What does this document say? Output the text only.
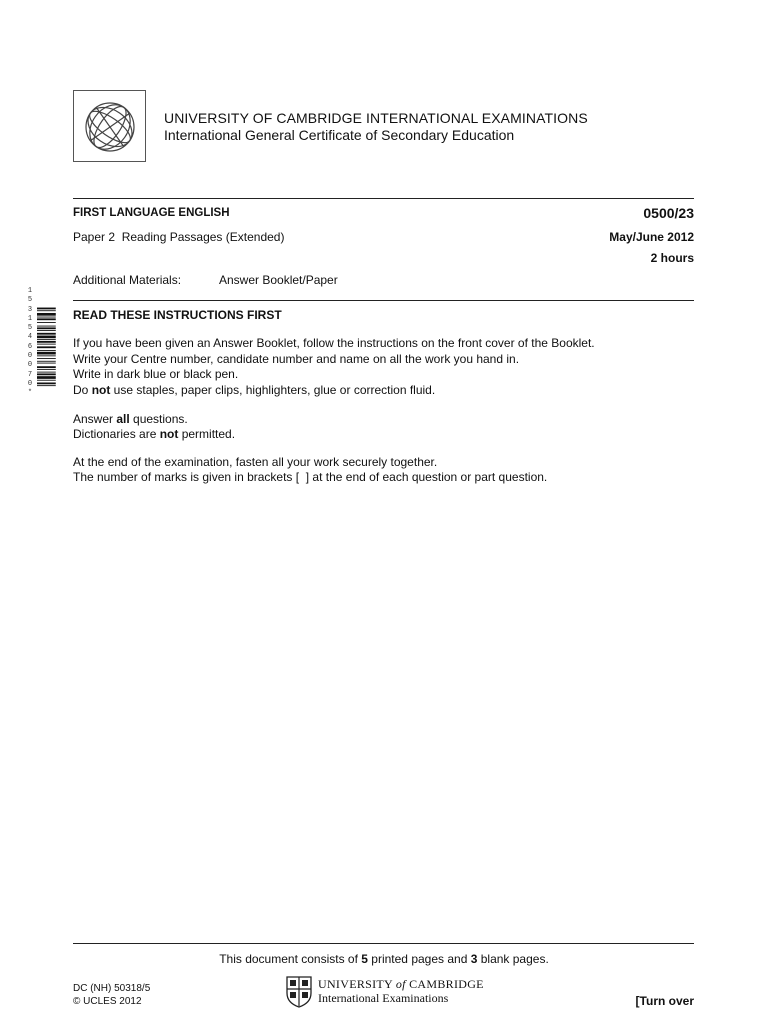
UNIVERSITY OF CAMBRIDGE INTERNATIONAL EXAMINATIONS
International General Certificate of Secondary Education
FIRST LANGUAGE ENGLISH	0500/23
Paper 2  Reading Passages (Extended)	May/June 2012
2 hours
Additional Materials:	Answer Booklet/Paper
1
5
3
1
5
4
6
0
0
7
0
*
READ THESE INSTRUCTIONS FIRST
If you have been given an Answer Booklet, follow the instructions on the front cover of the Booklet.
Write your Centre number, candidate number and name on all the work you hand in.
Write in dark blue or black pen.
Do not use staples, paper clips, highlighters, glue or correction fluid.
Answer all questions.
Dictionaries are not permitted.
At the end of the examination, fasten all your work securely together.
The number of marks is given in brackets [  ] at the end of each question or part question.
This document consists of 5 printed pages and 3 blank pages.
DC (NH) 50318/5
© UCLES 2012
UNIVERSITY of CAMBRIDGE
International Examinations	[Turn over
